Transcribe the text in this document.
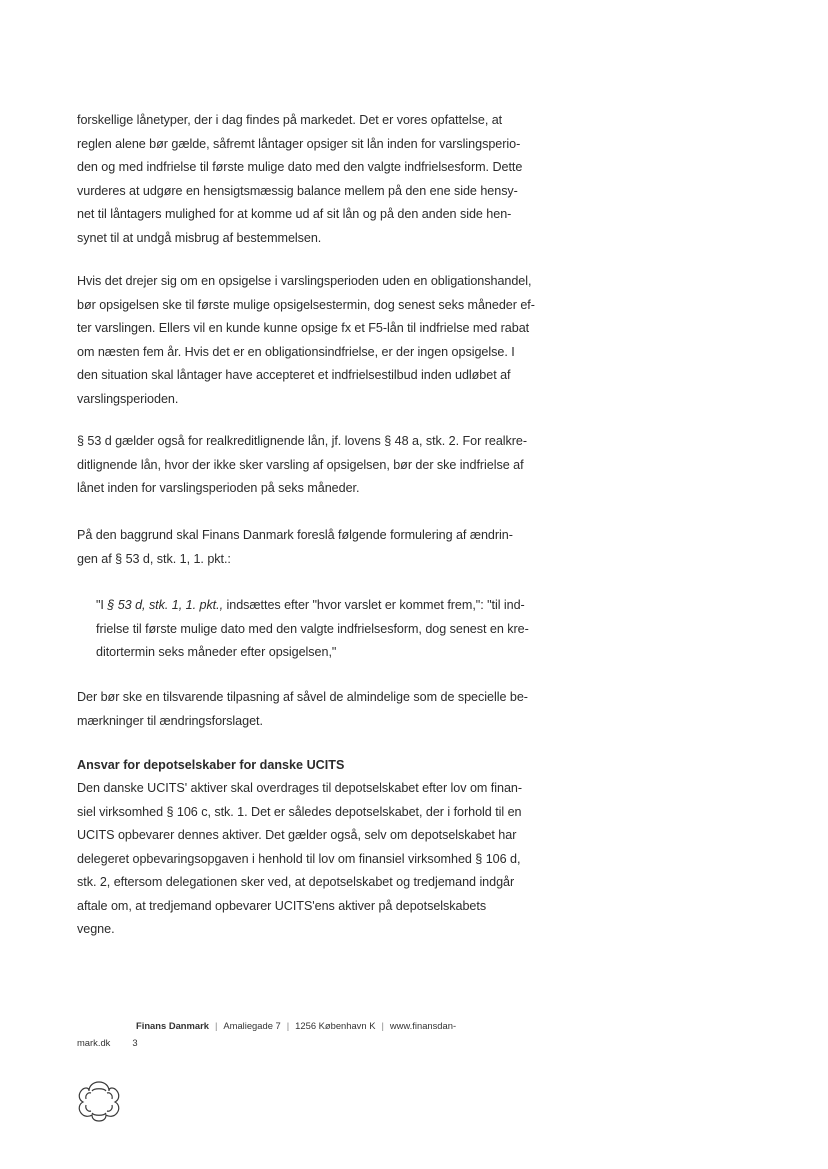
forskellige lånetyper, der i dag findes på markedet. Det er vores opfattelse, at
reglen alene bør gælde, såfremt låntager opsiger sit lån inden for varslingsperio-
den og med indfrielse til første mulige dato med den valgte indfrielsesform. Dette
vurderes at udgøre en hensigtsmæssig balance mellem på den ene side hensy-
net til låntagers mulighed for at komme ud af sit lån og på den anden side hen-
synet til at undgå misbrug af bestemmelsen.
Hvis det drejer sig om en opsigelse i varslingsperioden uden en obligationshandel,
bør opsigelsen ske til første mulige opsigelsestermin, dog senest seks måneder ef-
ter varslingen. Ellers vil en kunde kunne opsige fx et F5-lån til indfrielse med rabat
om næsten fem år. Hvis det er en obligationsindfrielse, er der ingen opsigelse. I
den situation skal låntager have accepteret et indfrielsestilbud inden udløbet af
varslingsperioden.
§ 53 d gælder også for realkreditlignende lån, jf. lovens § 48 a, stk. 2. For realkre-
ditlignende lån, hvor der ikke sker varsling af opsigelsen, bør der ske indfrielse af
lånet inden for varslingsperioden på seks måneder.
På den baggrund skal Finans Danmark foreslå følgende formulering af ændrin-
gen af § 53 d, stk. 1, 1. pkt.:
"I § 53 d, stk. 1, 1. pkt., indsættes efter "hvor varslet er kommet frem,": "til ind-
frielse til første mulige dato med den valgte indfrielsesform, dog senest en kre-
ditortermin seks måneder efter opsigelsen,"
Der bør ske en tilsvarende tilpasning af såvel de almindelige som de specielle be-
mærkninger til ændringsforslaget.
Ansvar for depotselskaber for danske UCITS
Den danske UCITS' aktiver skal overdrages til depotselskabet efter lov om finan-
siel virksomhed § 106 c, stk. 1. Det er således depotselskabet, der i forhold til en
UCITS opbevarer dennes aktiver. Det gælder også, selv om depotselskabet har
delegeret opbevaringsopgaven i henhold til lov om finansiel virksomhed § 106 d,
stk. 2, eftersom delegationen sker ved, at depotselskabet og tredjemand indgår
aftale om, at tredjemand opbevarer UCITS'ens aktiver på depotselskabets
vegne.
Finans Danmark | Amaliegade 7 | 1256 København K | www.finansdan-
mark.dk 3
